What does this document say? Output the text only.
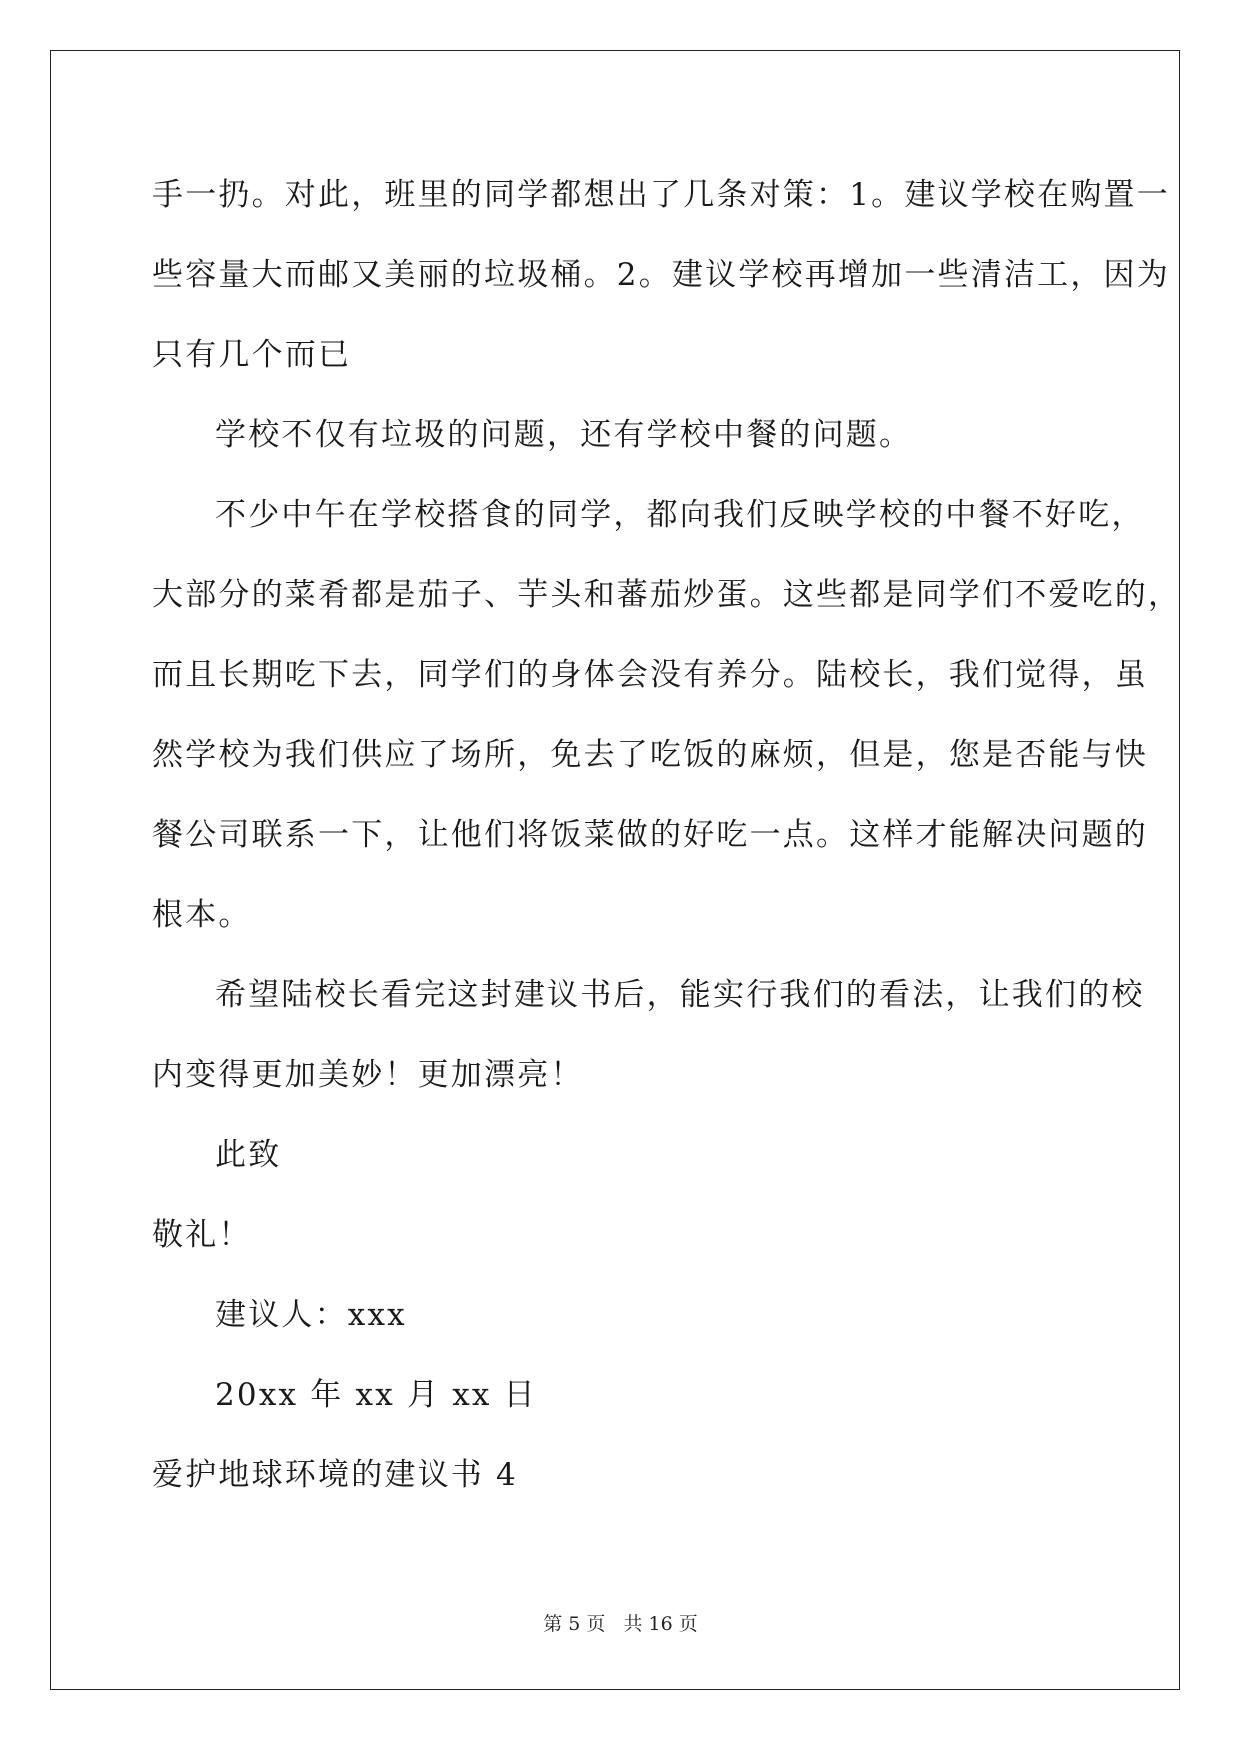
手一扔。对此，班里的同学都想出了几条对策：1。建议学校在购置一
些容量大而邮又美丽的垃圾桶。2。建议学校再增加一些清洁工，因为
只有几个而已
学校不仅有垃圾的问题，还有学校中餐的问题。
不少中午在学校搭食的同学，都向我们反映学校的中餐不好吃，
大部分的菜肴都是茄子、芋头和蕃茄炒蛋。这些都是同学们不爱吃的，
而且长期吃下去，同学们的身体会没有养分。陆校长，我们觉得，虽
然学校为我们供应了场所，免去了吃饭的麻烦，但是，您是否能与快
餐公司联系一下，让他们将饭菜做的好吃一点。这样才能解决问题的
根本。
希望陆校长看完这封建议书后，能实行我们的看法，让我们的校
内变得更加美妙！更加漂亮！
此致
敬礼！
建议人：xxx
20xx 年 xx 月 xx 日
爱护地球环境的建议书 4
第 5 页 共 16 页
